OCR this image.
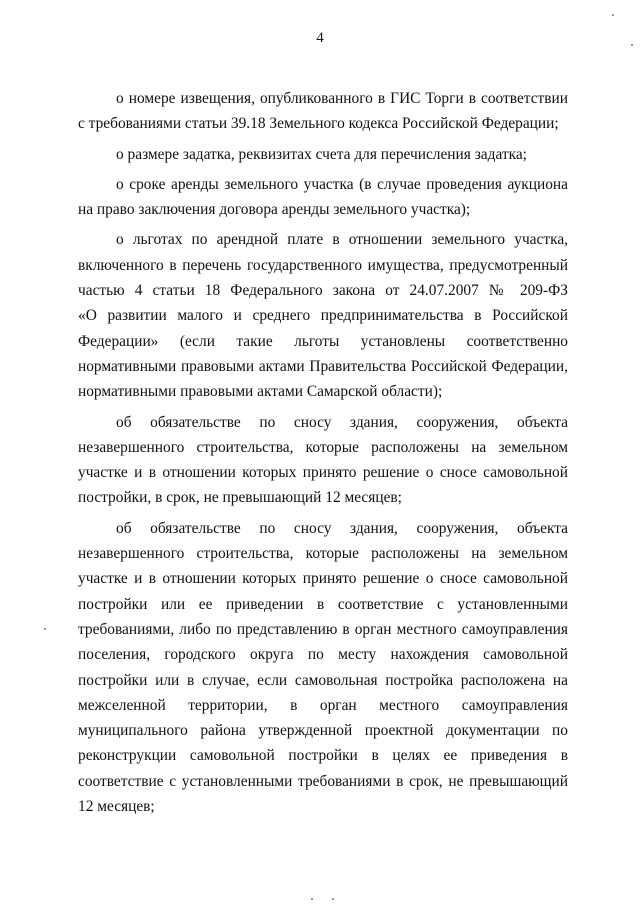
4
о номере извещения, опубликованного в ГИС Торги в соответствии
с требованиями статьи 39.18 Земельного кодекса Российской Федерации;
о размере задатка, реквизитах счета для перечисления задатка;
о сроке аренды земельного участка (в случае проведения аукциона
на право заключения договора аренды земельного участка);
о льготах по арендной плате в отношении земельного участка,
включенного в перечень государственного имущества, предусмотренный
частью 4 статьи 18 Федерального закона от 24.07.2007 № 209-ФЗ
«О развитии малого и среднего предпринимательства в Российской
Федерации» (если такие льготы установлены соответственно
нормативными правовыми актами Правительства Российской Федерации,
нормативными правовыми актами Самарской области);
об обязательстве по сносу здания, сооружения, объекта
незавершенного строительства, которые расположены на земельном
участке и в отношении которых принято решение о сносе самовольной
постройки, в срок, не превышающий 12 месяцев;
об обязательстве по сносу здания, сооружения, объекта
незавершенного строительства, которые расположены на земельном
участке и в отношении которых принято решение о сносе самовольной
постройки или ее приведении в соответствие с установленными
требованиями, либо по представлению в орган местного самоуправления
поселения, городского округа по месту нахождения самовольной
постройки или в случае, если самовольная постройка расположена на
межселенной территории, в орган местного самоуправления
муниципального района утвержденной проектной документации по
реконструкции самовольной постройки в целях ее приведения в
соответствие с установленными требованиями в срок, не превышающий
12 месяцев;
